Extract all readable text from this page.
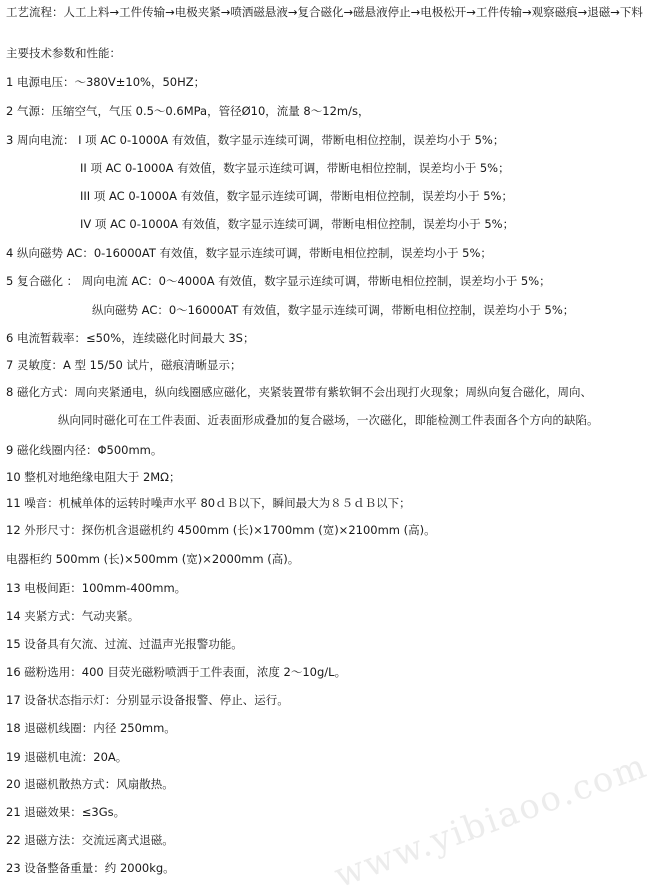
工艺流程：人工上料→工件传输→电极夹紧→喷洒磁悬液→复合磁化→磁悬液停止→电极松开→工件传输→观察磁痕→退磁→下料
主要技术参数和性能：
1 电源电压：～380V±10%，50HZ；
2 气源：压缩空气，气压 0.5～0.6MPa，管径Ø10，流量 8～12m/s，
3 周向电流： I 项 AC 0-1000A 有效值，数字显示连续可调，带断电相位控制，误差均小于 5%；
II 项 AC 0-1000A 有效值，数字显示连续可调，带断电相位控制，误差均小于 5%；
III 项 AC 0-1000A 有效值，数字显示连续可调，带断电相位控制，误差均小于 5%；
IV 项 AC 0-1000A 有效值，数字显示连续可调，带断电相位控制，误差均小于 5%；
4 纵向磁势 AC：0-16000AT 有效值，数字显示连续可调，带断电相位控制，误差均小于 5%；
5 复合磁化 ： 周向电流 AC：0～4000A 有效值，数字显示连续可调，带断电相位控制，误差均小于 5%；
纵向磁势 AC：0～16000AT 有效值，数字显示连续可调，带断电相位控制，误差均小于 5%；
6 电流暂载率：≤50%，连续磁化时间最大 3S；
7 灵敏度：A 型 15/50 试片，磁痕清晰显示；
8 磁化方式：周向夹紧通电，纵向线圈感应磁化，夹紧装置带有紫软铜不会出现打火现象；周纵向复合磁化，周向、
纵向同时磁化可在工件表面、近表面形成叠加的复合磁场，一次磁化，即能检测工件表面各个方向的缺陷。
9 磁化线圈内径：Φ500mm。
10 整机对地绝缘电阻大于 2MΩ；
11 噪音：机械单体的运转时噪声水平 80ｄＢ以下，瞬间最大为８５ｄＢ以下；
12 外形尺寸：探伤机含退磁机约 4500mm (长)×1700mm (宽)×2100mm (高)。
电器柜约 500mm (长)×500mm (宽)×2000mm (高)。
13 电极间距：100mm-400mm。
14 夹紧方式：气动夹紧。
15 设备具有欠流、过流、过温声光报警功能。
16 磁粉选用：400 目荧光磁粉喷洒于工件表面，浓度 2～10g/L。
17 设备状态指示灯：分别显示设备报警、停止、运行。
18 退磁机线圈：内径 250mm。
19 退磁机电流：20A。
20 退磁机散热方式：风扇散热。
21 退磁效果：≤3Gs。
22 退磁方法：交流远离式退磁。
23 设备整备重量：约 2000kg。	www.yibiaoo.com
